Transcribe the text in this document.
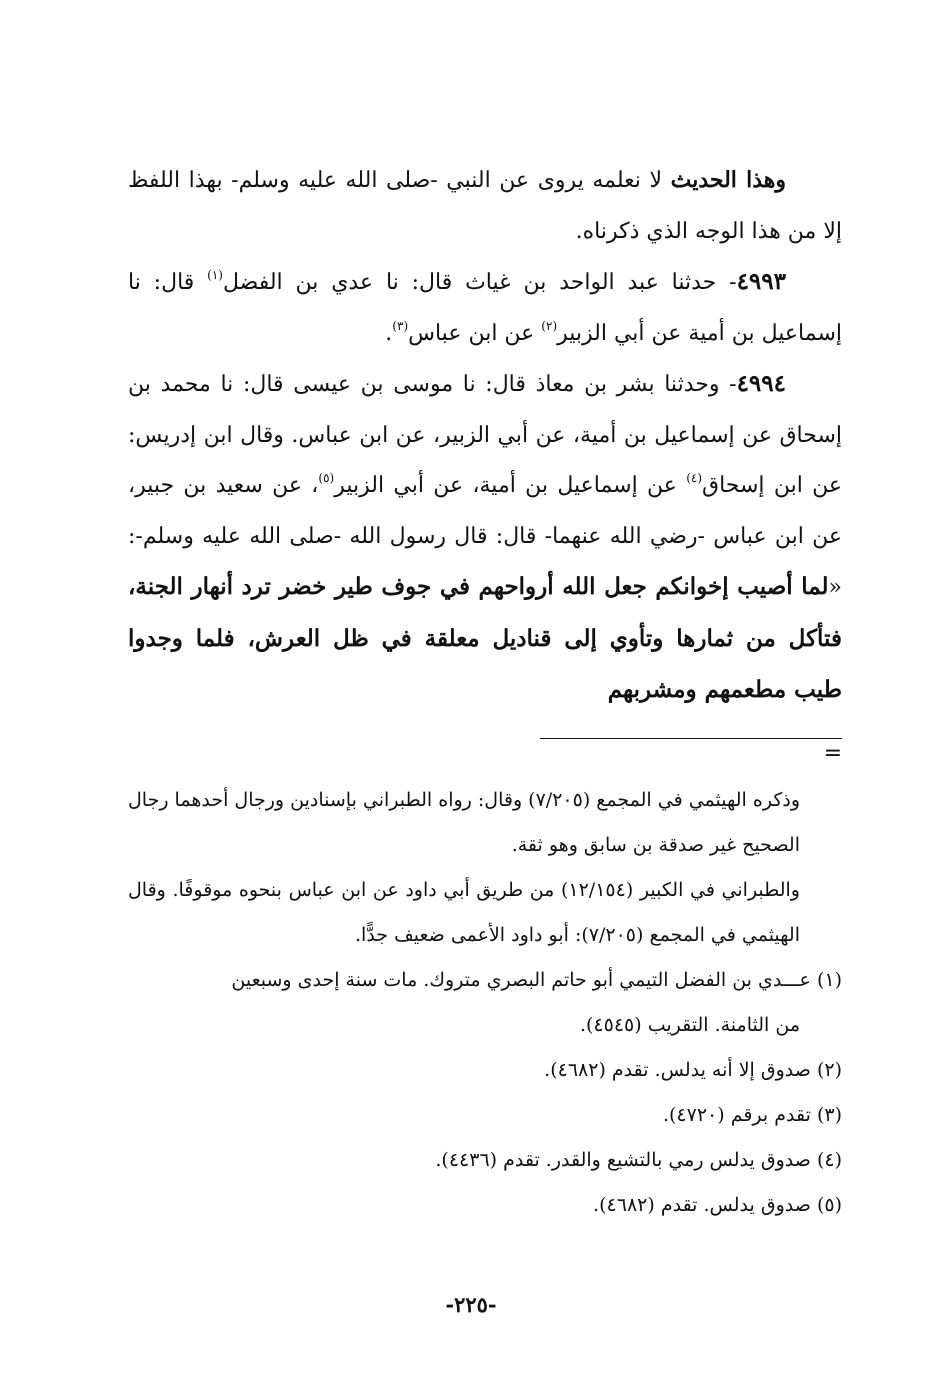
وهذا الحديث لا نعلمه يروى عن النبي -صلى الله عليه وسلم- بهذا اللفظ إلا من هذا الوجه الذي ذكرناه.

٤٩٩٣- حدثنا عبد الواحد بن غياث قال: نا عدي بن الفضل$^{(١)}$ قال: نا إسماعيل بن أمية عن أبي الزبير$^{(٢)}$ عن ابن عباس$^{(٣)}$.

٤٩٩٤- وحدثنا بشر بن معاذ قال: نا موسى بن عيسى قال: نا محمد بن إسحاق عن إسماعيل بن أمية، عن أبي الزبير، عن ابن عباس. وقال ابن إدريس: عن ابن إسحاق$^{(٤)}$ عن إسماعيل بن أمية، عن أبي الزبير$^{(٥)}$، عن سعيد بن جبير، عن ابن عباس -رضي الله عنهما- قال: قال رسول الله -صلى الله عليه وسلم-: «لما أصيب إخوانكم جعل الله أرواحهم في جوف طير خضر ترد أنهار الجنة، فتأكل من ثمارها وتأوي إلى قناديل معلقة في ظل العرش، فلما وجدوا طيب مطعمهم ومشربهم

=

وذكره الهيثمي في المجمع (٧/٢٠٥) وقال: رواه الطبراني بإسنادين ورجال أحدهما رجال الصحيح غير صدقة بن سابق وهو ثقة.

والطبراني في الكبير (١٢/١٥٤) من طريق أبي داود عن ابن عباس بنحوه موقوفًا. وقال الهيثمي في المجمع (٧/٢٠٥): أبو داود الأعمى ضعيف جدًّا.

(١) عـــدي بن الفضل التيمي أبو حاتم البصري متروك. مات سنة إحدى وسبعين
من الثامنة. التقريب (٤٥٤٥).

(٢) صدوق إلا أنه يدلس. تقدم (٤٦٨٢).

(٣) تقدم برقم (٤٧٢٠).

(٤) صدوق يدلس رمي بالتشيع والقدر. تقدم (٤٤٣٦).

(٥) صدوق يدلس. تقدم (٤٦٨٢).

-٢٢٥-
